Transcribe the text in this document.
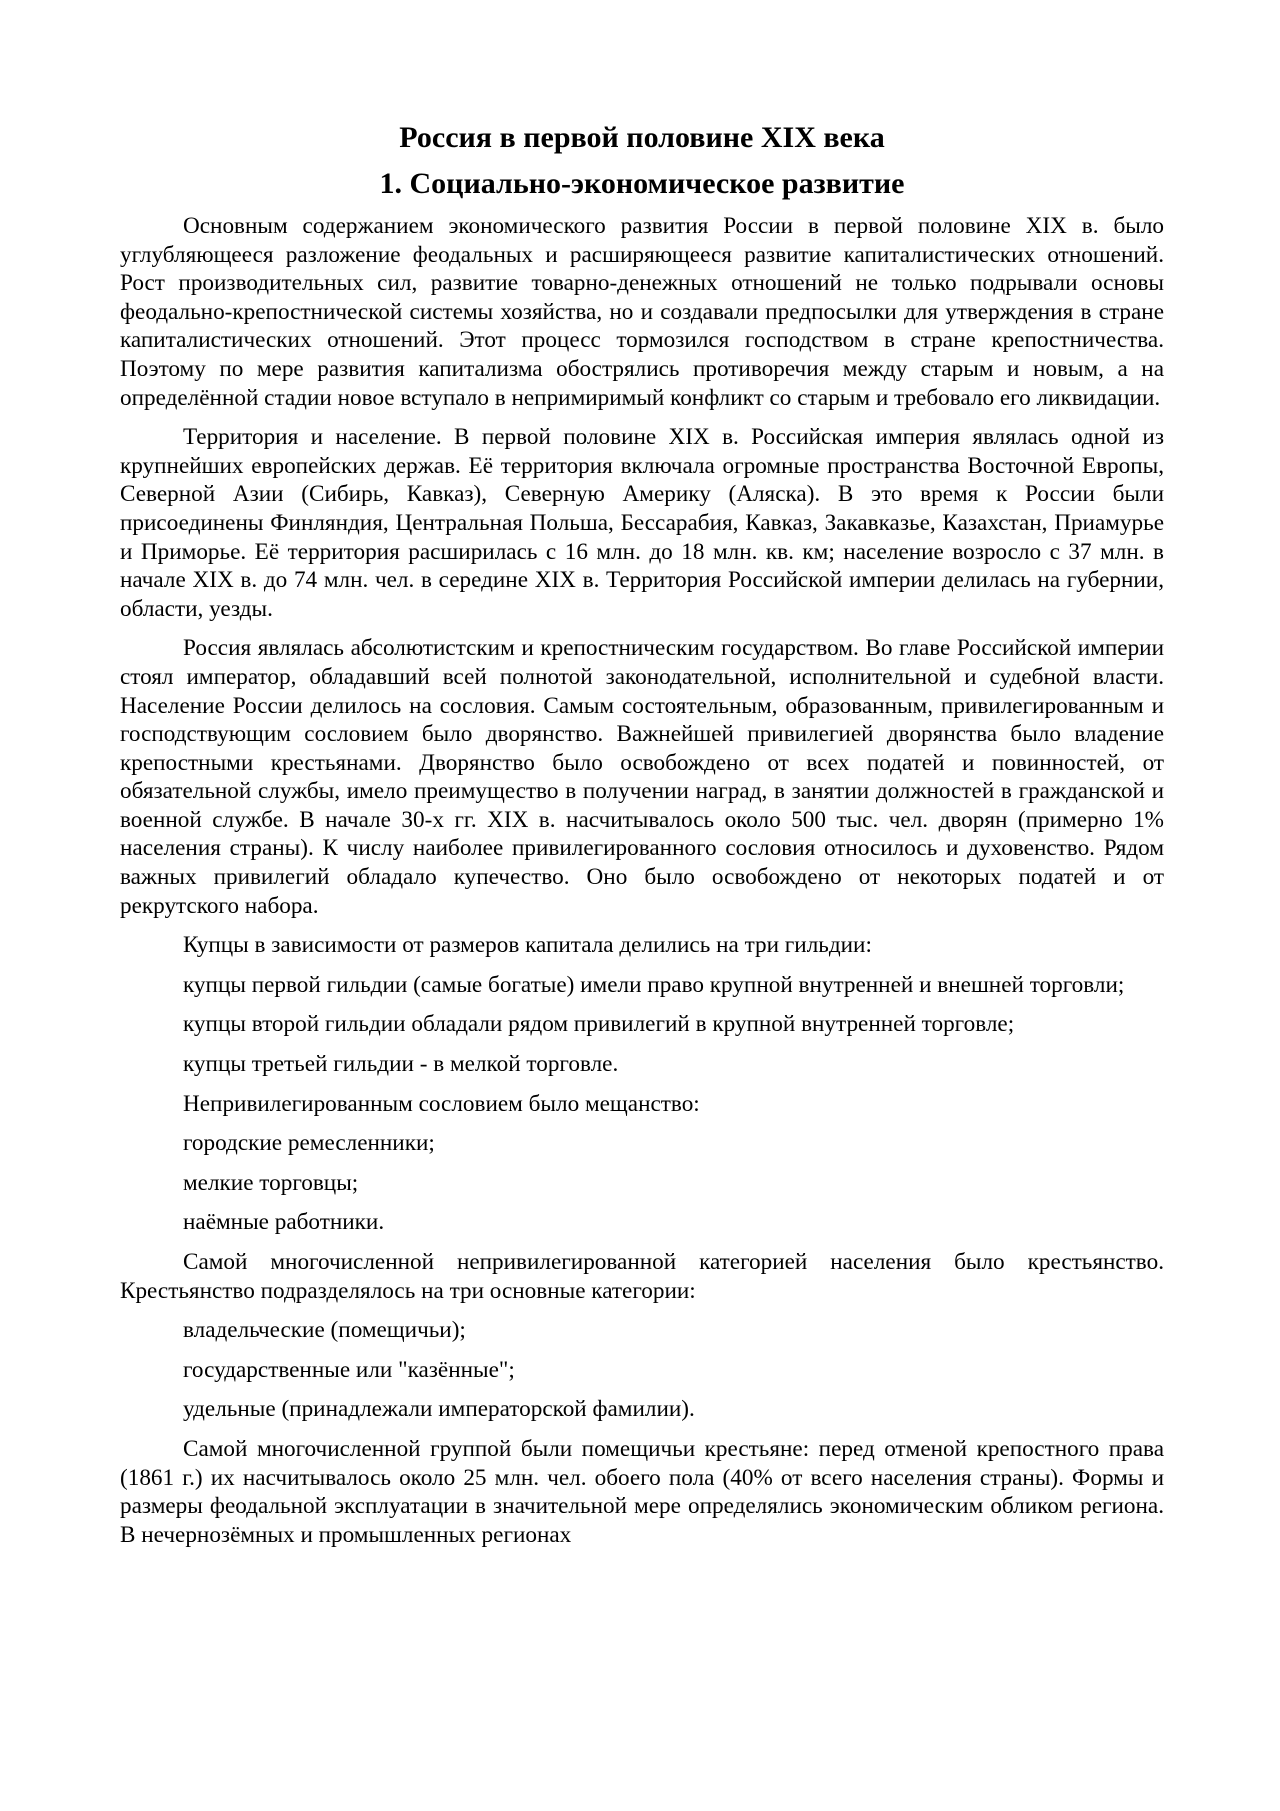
Россия в первой половине XIX века
1. Социально-экономическое развитие

Основным содержанием экономического развития России в первой половине XIX в. было углубляющееся разложение феодальных и расширяющееся развитие капиталистических отношений. Рост производительных сил, развитие товарно-денежных отношений не только подрывали основы феодально-крепостнической системы хозяйства, но и создавали предпосылки для утверждения в стране капиталистических отношений. Этот процесс тормозился господством в стране крепостничества. Поэтому по мере развития капитализма обострялись противоречия между старым и новым, а на определённой стадии новое вступало в непримиримый конфликт со старым и требовало его ликвидации.

Территория и население. В первой половине XIX в. Российская империя являлась одной из крупнейших европейских держав. Её территория включала огромные пространства Восточной Европы, Северной Азии (Сибирь, Кавказ), Северную Америку (Аляска). В это время к России были присоединены Финляндия, Центральная Польша, Бессарабия, Кавказ, Закавказье, Казахстан, Приамурье и Приморье. Её территория расширилась с 16 млн. до 18 млн. кв. км; население возросло с 37 млн. в начале XIX в. до 74 млн. чел. в середине XIX в. Территория Российской империи делилась на губернии, области, уезды.

Россия являлась абсолютистским и крепостническим государством. Во главе Российской империи стоял император, обладавший всей полнотой законодательной, исполнительной и судебной власти. Население России делилось на сословия. Самым состоятельным, образованным, привилегированным и господствующим сословием было дворянство. Важнейшей привилегией дворянства было владение крепостными крестьянами. Дворянство было освобождено от всех податей и повинностей, от обязательной службы, имело преимущество в получении наград, в занятии должностей в гражданской и военной службе. В начале 30-х гг. XIX в. насчитывалось около 500 тыс. чел. дворян (примерно 1% населения страны). К числу наиболее привилегированного сословия относилось и духовенство. Рядом важных привилегий обладало купечество. Оно было освобождено от некоторых податей и от рекрутского набора.

Купцы в зависимости от размеров капитала делились на три гильдии:

купцы первой гильдии (самые богатые) имели право крупной внутренней и внешней торговли;

купцы второй гильдии обладали рядом привилегий в крупной внутренней торговле;

купцы третьей гильдии - в мелкой торговле.

Непривилегированным сословием было мещанство:

городские ремесленники;

мелкие торговцы;

наёмные работники.

Самой многочисленной непривилегированной категорией населения было крестьянство. Крестьянство подразделялось на три основные категории:

владельческие (помещичьи);

государственные или "казённые";

удельные (принадлежали императорской фамилии).

Самой многочисленной группой были помещичьи крестьяне: перед отменой крепостного права (1861 г.) их насчитывалось около 25 млн. чел. обоего пола (40% от всего населения страны). Формы и размеры феодальной эксплуатации в значительной мере определялись экономическим обликом региона. В нечернозёмных и промышленных регионах
